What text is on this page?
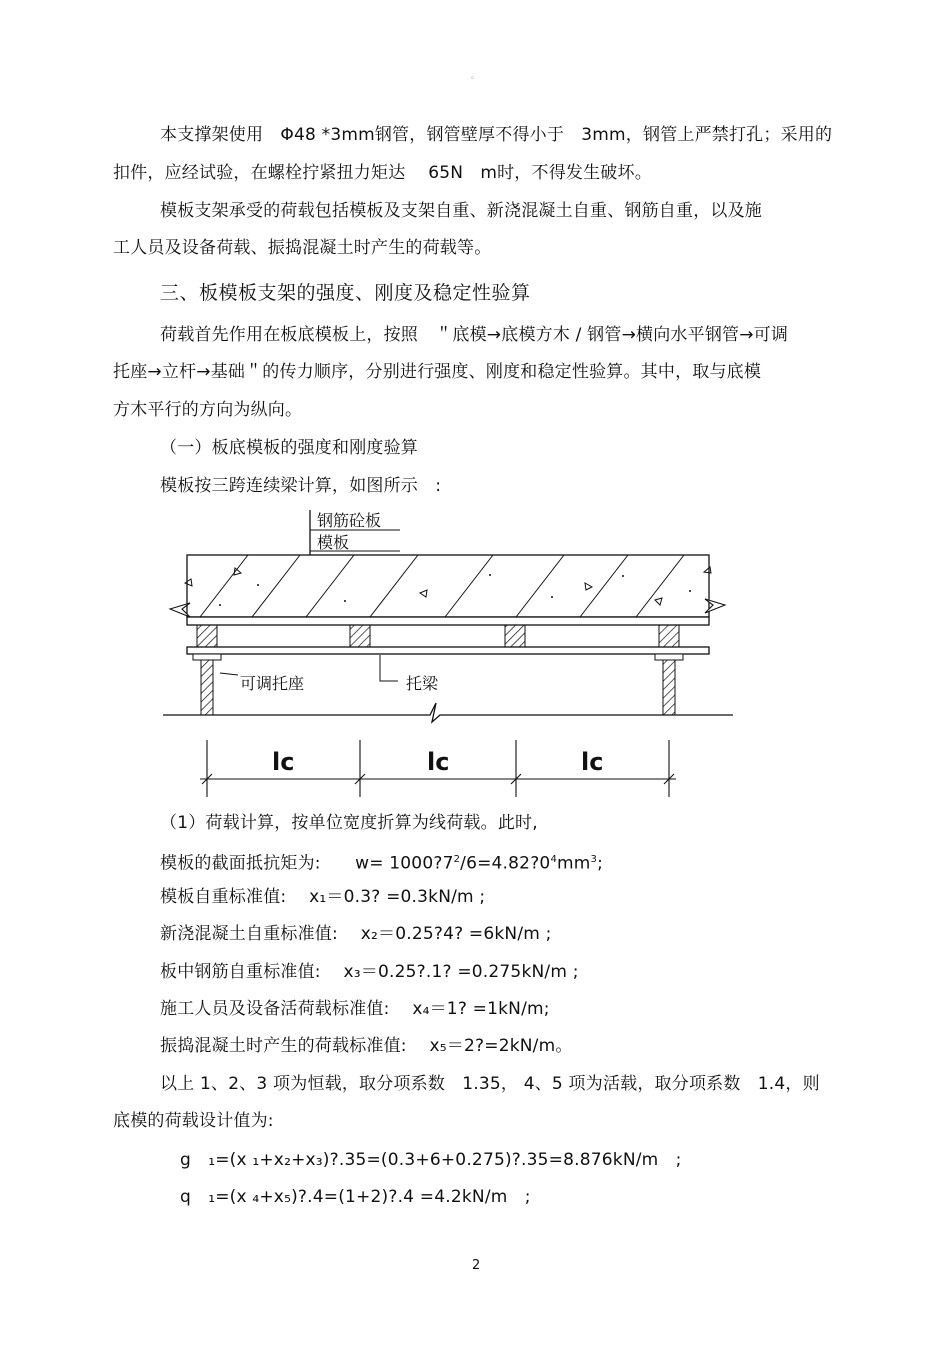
。
本支撑架使用　Φ48 *3mm钢管，钢管壁厚不得小于　3mm，钢管上严禁打孔；采用的
扣件，应经试验，在螺栓拧紧扭力矩达　 65N　m时，不得发生破坏。
模板支架承受的荷载包括模板及支架自重、新浇混凝土自重、钢筋自重，以及施
工人员及设备荷载、振捣混凝土时产生的荷载等。
三、板模板支架的强度、刚度及稳定性验算
荷载首先作用在板底模板上，按照　＂底模→底模方木 / 钢管→横向水平钢管→可调
托座→立杆→基础＂的传力顺序，分别进行强度、刚度和稳定性验算。其中，取与底模
方木平行的方向为纵向。
（一）板底模板的强度和刚度验算
模板按三跨连续梁计算，如图所示　:
钢筋砼板
模板
可调托座	托梁
lc	lc	lc
（1）荷载计算，按单位宽度折算为线荷载。此时,
模板的截面抵抗矩为:　　$w= 1000?7^2/6=4.82?0^4mm^3$;
模板自重标准值:　 x₁＝0.3? =0.3kN/m ;
新浇混凝土自重标准值:　 x₂＝0.25?4? =6kN/m ;
板中钢筋自重标准值:　 x₃＝0.25?.1? =0.275kN/m ;
施工人员及设备活荷载标准值:　 x₄＝1? =1kN/m;
振捣混凝土时产生的荷载标准值:　 x₅＝2?=2kN/m。
以上 1、2、3 项为恒载，取分项系数　1.35， 4、5 项为活载，取分项系数　1.4，则
底模的荷载设计值为:
g　₁=(x ₁+x₂+x₃)?.35=(0.3+6+0.275)?.35=8.876kN/m　;
q　₁=(x ₄+x₅)?.4=(1+2)?.4 =4.2kN/m　;
2
